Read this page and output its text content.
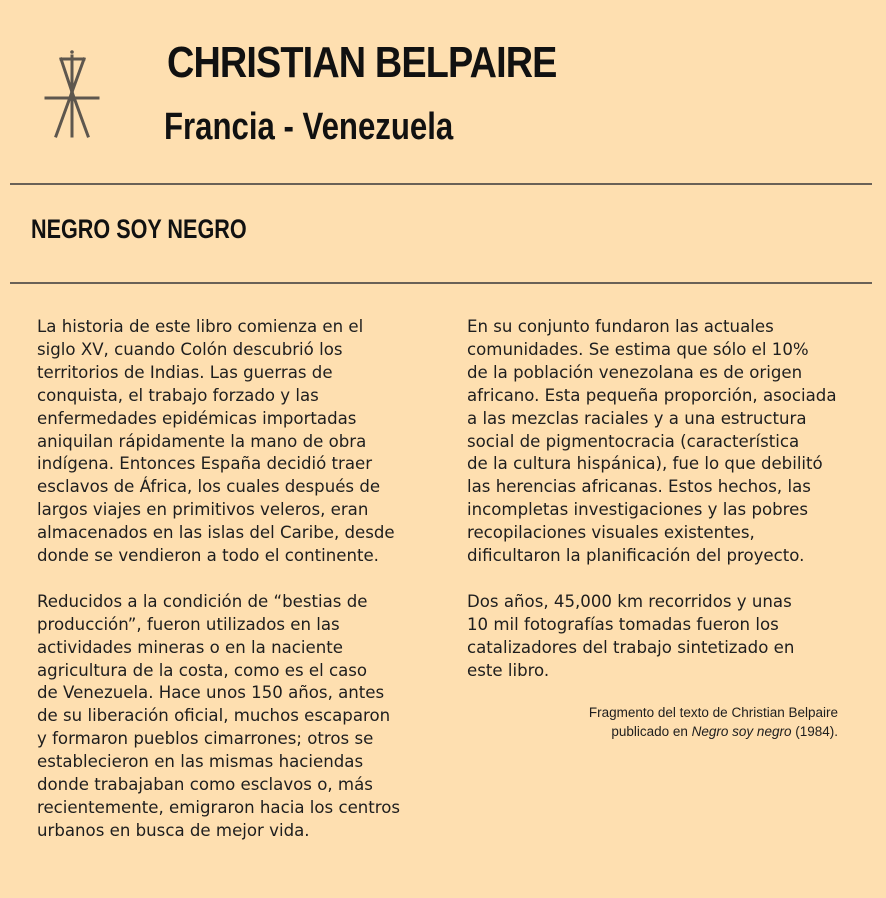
CHRISTIAN BELPAIRE
Francia - Venezuela
NEGRO SOY NEGRO

La historia de este libro comienza en el
siglo XV, cuando Colón descubrió los
territorios de Indias. Las guerras de
conquista, el trabajo forzado y las
enfermedades epidémicas importadas
aniquilan rápidamente la mano de obra
indígena. Entonces España decidió traer
esclavos de África, los cuales después de
largos viajes en primitivos veleros, eran
almacenados en las islas del Caribe, desde
donde se vendieron a todo el continente.

Reducidos a la condición de “bestias de
producción”, fueron utilizados en las
actividades mineras o en la naciente
agricultura de la costa, como es el caso
de Venezuela. Hace unos 150 años, antes
de su liberación oficial, muchos escaparon
y formaron pueblos cimarrones; otros se
establecieron en las mismas haciendas
donde trabajaban como esclavos o, más
recientemente, emigraron hacia los centros
urbanos en busca de mejor vida.

En su conjunto fundaron las actuales
comunidades. Se estima que sólo el 10%
de la población venezolana es de origen
africano. Esta pequeña proporción, asociada
a las mezclas raciales y a una estructura
social de pigmentocracia (característica
de la cultura hispánica), fue lo que debilitó
las herencias africanas. Estos hechos, las
incompletas investigaciones y las pobres
recopilaciones visuales existentes,
dificultaron la planificación del proyecto.

Dos años, 45,000 km recorridos y unas
10 mil fotografías tomadas fueron los
catalizadores del trabajo sintetizado en
este libro.

Fragmento del texto de Christian Belpaire
publicado en Negro soy negro (1984).
